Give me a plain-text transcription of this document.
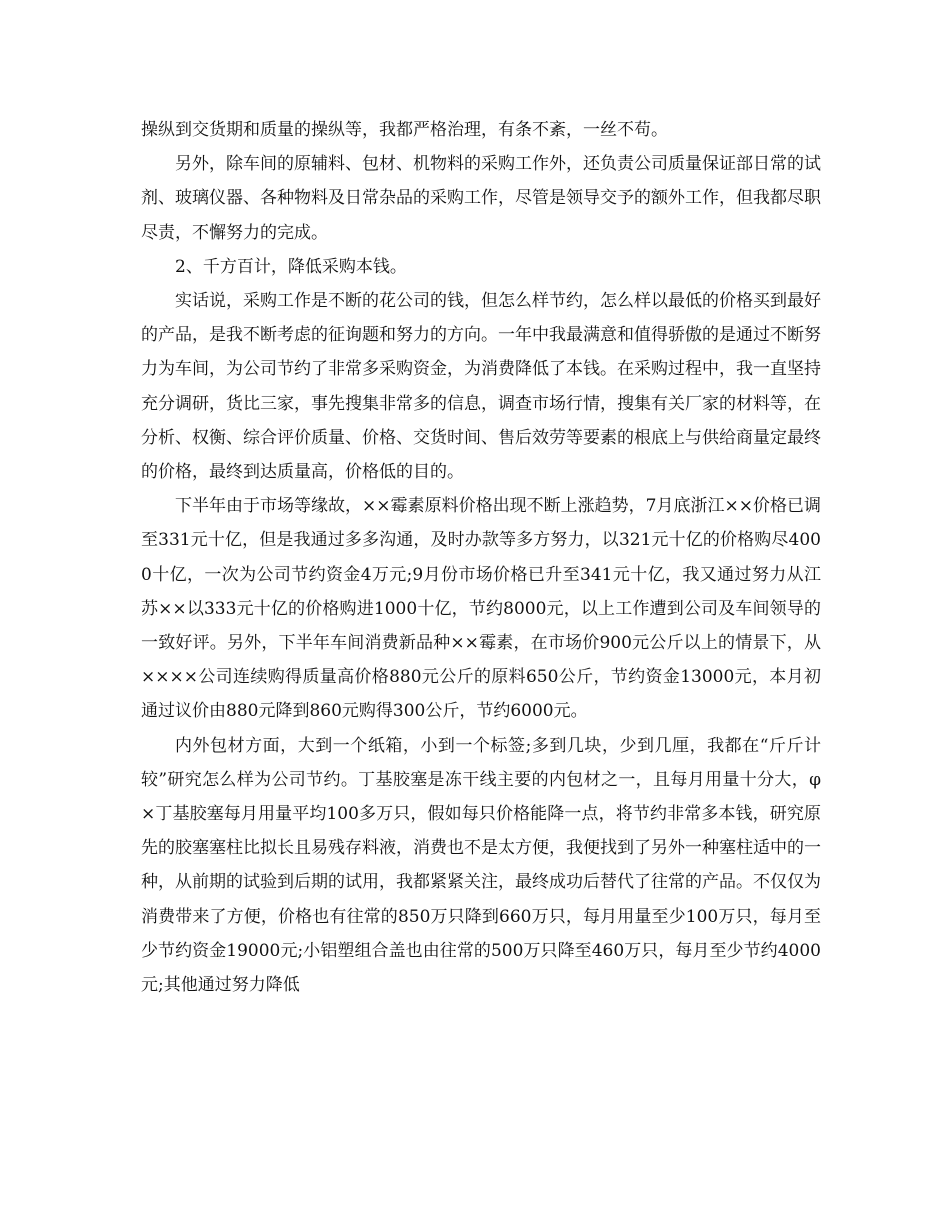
操纵到交货期和质量的操纵等，我都严格治理，有条不紊，一丝不苟。

另外，除车间的原辅料、包材、机物料的采购工作外，还负责公司质量保证部日常的试剂、玻璃仪器、各种物料及日常杂品的采购工作，尽管是领导交予的额外工作，但我都尽职尽责，不懈努力的完成。

2、千方百计，降低采购本钱。

实话说，采购工作是不断的花公司的钱，但怎么样节约，怎么样以最低的价格买到最好的产品，是我不断考虑的征询题和努力的方向。一年中我最满意和值得骄傲的是通过不断努力为车间，为公司节约了非常多采购资金，为消费降低了本钱。在采购过程中，我一直坚持充分调研，货比三家，事先搜集非常多的信息，调查市场行情，搜集有关厂家的材料等，在分析、权衡、综合评价质量、价格、交货时间、售后效劳等要素的根底上与供给商量定最终的价格，最终到达质量高，价格低的目的。

下半年由于市场等缘故，××霉素原料价格出现不断上涨趋势，7月底浙江××价格已调至331元十亿，但是我通过多多沟通，及时办款等多方努力，以321元十亿的价格购尽4000十亿，一次为公司节约资金4万元;9月份市场价格已升至341元十亿，我又通过努力从江苏××以333元十亿的价格购进1000十亿，节约8000元，以上工作遭到公司及车间领导的一致好评。另外，下半年车间消费新品种××霉素，在市场价900元公斤以上的情景下，从××××公司连续购得质量高价格880元公斤的原料650公斤，节约资金13000元，本月初通过议价由880元降到860元购得300公斤，节约6000元。

内外包材方面，大到一个纸箱，小到一个标签;多到几块，少到几厘，我都在“斤斤计较”研究怎么样为公司节约。丁基胶塞是冻干线主要的内包材之一，且每月用量十分大，φ×丁基胶塞每月用量平均100多万只，假如每只价格能降一点，将节约非常多本钱，研究原先的胶塞塞柱比拟长且易残存料液，消费也不是太方便，我便找到了另外一种塞柱适中的一种，从前期的试验到后期的试用，我都紧紧关注，最终成功后替代了往常的产品。不仅仅为消费带来了方便，价格也有往常的850万只降到660万只，每月用量至少100万只，每月至少节约资金19000元;小铝塑组合盖也由往常的500万只降至460万只，每月至少节约4000元;其他通过努力降低
